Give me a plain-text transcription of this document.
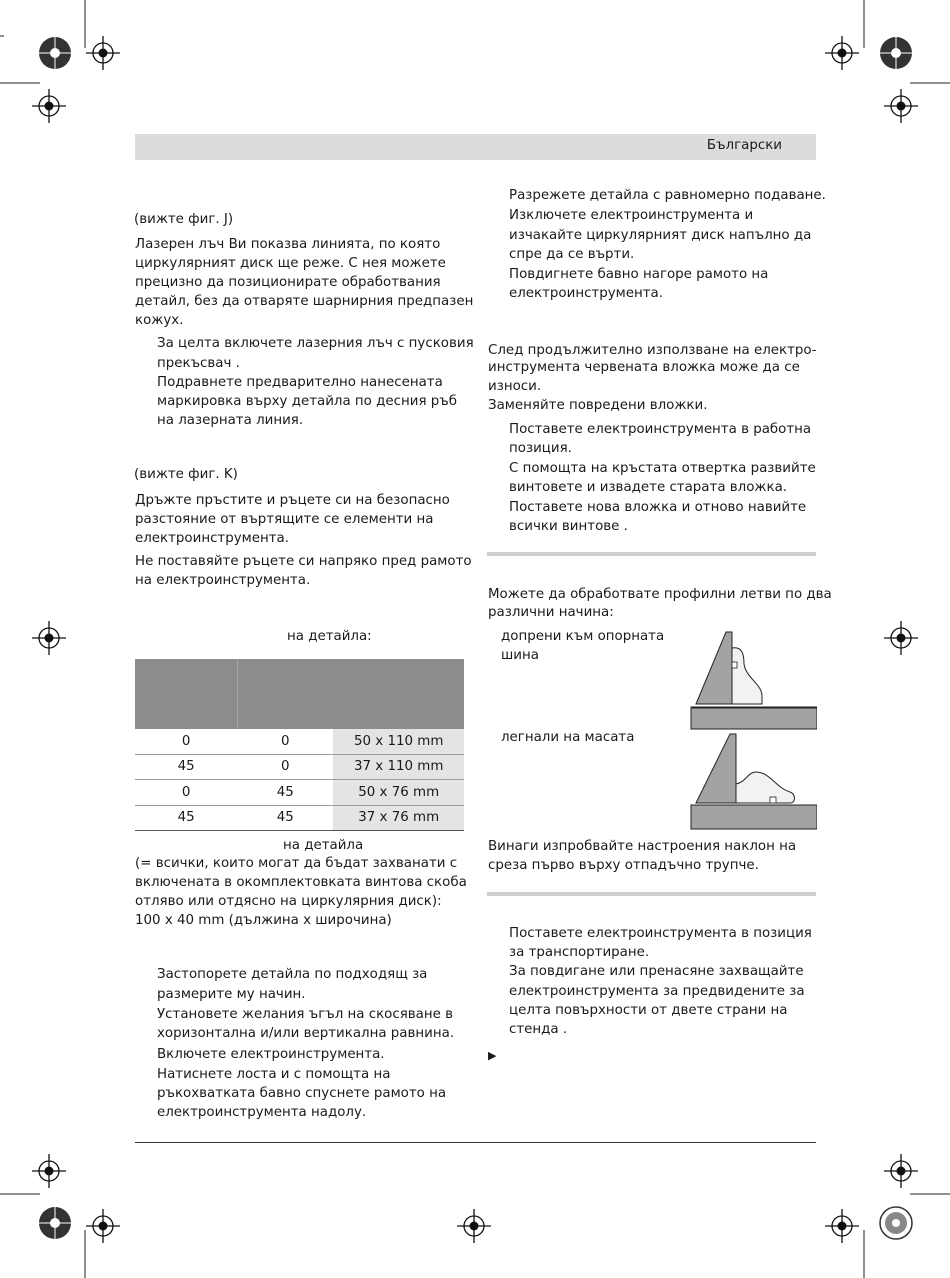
Български
(вижте фиг. J)
Лазерен лъч Ви показва линията, по която
циркулярният диск ще реже. С нея можете
прецизно да позиционирате обработвания
детайл, без да отваряте шарнирния предпазен
кожух.
За целта включете лазерния лъч с пусковия
прекъсвач .
Подравнете предварително нанесената
маркировка върху детайла по десния ръб
на лазерната линия.
(вижте фиг. K)
Дръжте пръстите и ръцете си на безопасно
разстояние от въртящите се елементи на
електроинструмента.
Не поставяйте ръцете си напряко пред рамото
на електроинструмента.
на детайла:

0	0	50 x 110 mm
45	0	37 x 110 mm
0	45	50 x 76 mm
45	45	37 x 76 mm
на детайла
(= всички, които могат да бъдат захванати с
включената в окомплектовката винтова скоба
отляво или отдясно на циркулярния диск):
100 x 40 mm (дължина x широчина)
Застопорете детайла по подходящ за
размерите му начин.
Установете желания ъгъл на скосяване в
хоризонтална и/или вертикална равнина.
Включете електроинструмента.
Натиснете лоста и с помощта на
ръкохватката бавно спуснете рамото на
електроинструмента надолу.
Разрежете детайла с равномерно подаване.
Изключете електроинструмента и
изчакайте циркулярният диск напълно да
спре да се върти.
Повдигнете бавно нагоре рамото на
електроинструмента.
След продължително използване на електро-
инструмента червената вложка може да се
износи.
Заменяйте повредени вложки.
Поставете електроинструмента в работна
позиция.
С помощта на кръстата отвертка развийте
винтовете и извадете старата вложка.
Поставете нова вложка и отново навийте
всички винтове .
Можете да обработвате профилни летви по два
различни начина:
допрени към опорната
шина
легнали на масата
Винаги изпробвайте настроения наклон на
среза първо върху отпадъчно трупче.
Поставете електроинструмента в позиция
за транспортиране.
За повдигане или пренасяне захващайте
електроинструмента за предвидените за
целта повърхности от двете страни на
стенда .
▶
